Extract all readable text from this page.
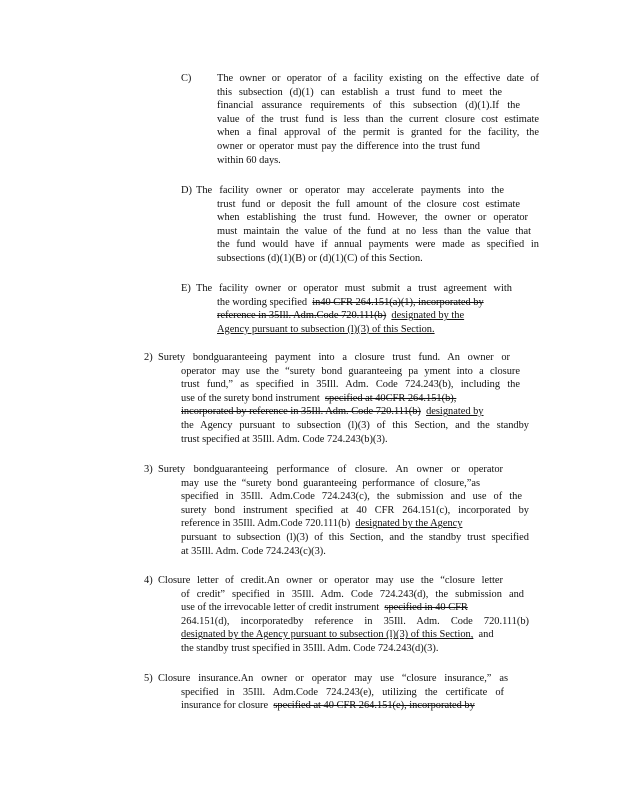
C) The owner or operator of a facility existing on the effective date of
this subsection (d)(1) can establish a trust fund to meet the
financial assurance requirements of this subsection (d)(1).If the
value of the trust fund is less than the current closure cost estimate
when a final approval of the permit is granted for the facility, the
owner or operator must pay the difference into the trust fund
within 60 days.
D) The facility owner or operator may accelerate payments into the
trust fund or deposit the full amount of the closure cost estimate
when establishing the trust fund. However, the owner or operator
must maintain the value of the fund at no less than the value that
the fund would have if annual payments were made as specified in
subsections (d)(1)(B) or (d)(1)(C) of this Section.
E) The facility owner or operator must submit a trust agreement with
the wording specified in40 CFR 264.151(a)(1), incorporated by
reference in 35Ill. Adm.Code 720.111(b) designated by the
Agency pursuant to subsection (l)(3) of this Section.
2) Surety bondguaranteeing payment into a closure trust fund. An owner or
operator may use the “surety bond guaranteeing pa yment into a closure
trust fund,” as specified in 35Ill. Adm. Code 724.243(b), including the
use of the surety bond instrument specified at 40CFR 264.151(b),
incorporated by reference in 35Ill. Adm. Code 720.111(b) designated by
the Agency pursuant to subsection (l)(3) of this Section, and the standby
trust specified at 35Ill. Adm. Code 724.243(b)(3).
3) Surety bondguaranteeing performance of closure. An owner or operator
may use the “surety bond guaranteeing performance of closure,”as
specified in 35Ill. Adm.Code 724.243(c), the submission and use of the
surety bond instrument specified at 40 CFR 264.151(c), incorporated by
reference in 35Ill. Adm.Code 720.111(b) designated by the Agency
pursuant to subsection (l)(3) of this Section, and the standby trust specified
at 35Ill. Adm. Code 724.243(c)(3).
4) Closure letter of credit.An owner or operator may use the “closure letter
of credit” specified in 35Ill. Adm. Code 724.243(d), the submission and
use of the irrevocable letter of credit instrument specified in 40 CFR
264.151(d), incorporatedby reference in 35Ill. Adm. Code 720.111(b)
designated by the Agency pursuant to subsection (l)(3) of this Section, and
the standby trust specified in 35Ill. Adm. Code 724.243(d)(3).
5) Closure insurance.An owner or operator may use “closure insurance,” as
specified in 35Ill. Adm.Code 724.243(e), utilizing the certificate of
insurance for closure specified at 40 CFR 264.151(e), incorporated by
